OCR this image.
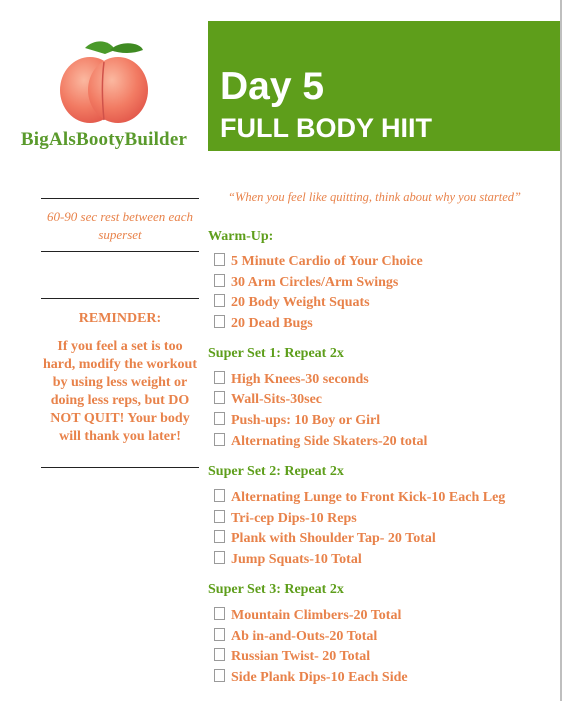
BigAlsBootyBuilder
Day 5
FULL BODY HIIT
60-90 sec rest between each superset
REMINDER:
If you feel a set is too hard, modify the workout by using less weight or doing less reps, but DO NOT QUIT! Your body will thank you later!
“When you feel like quitting, think about why you started”
Warm-Up:
5 Minute Cardio of Your Choice
30 Arm Circles/Arm Swings
20 Body Weight Squats
20 Dead Bugs
Super Set 1: Repeat 2x
High Knees-30 seconds
Wall-Sits-30sec
Push-ups: 10 Boy or Girl
Alternating Side Skaters-20 total
Super Set 2: Repeat 2x
Alternating Lunge to Front Kick-10 Each Leg
Tri-cep Dips-10 Reps
Plank with Shoulder Tap- 20 Total
Jump Squats-10 Total
Super Set 3: Repeat 2x
Mountain Climbers-20 Total
Ab in-and-Outs-20 Total
Russian Twist- 20 Total
Side Plank Dips-10 Each Side
